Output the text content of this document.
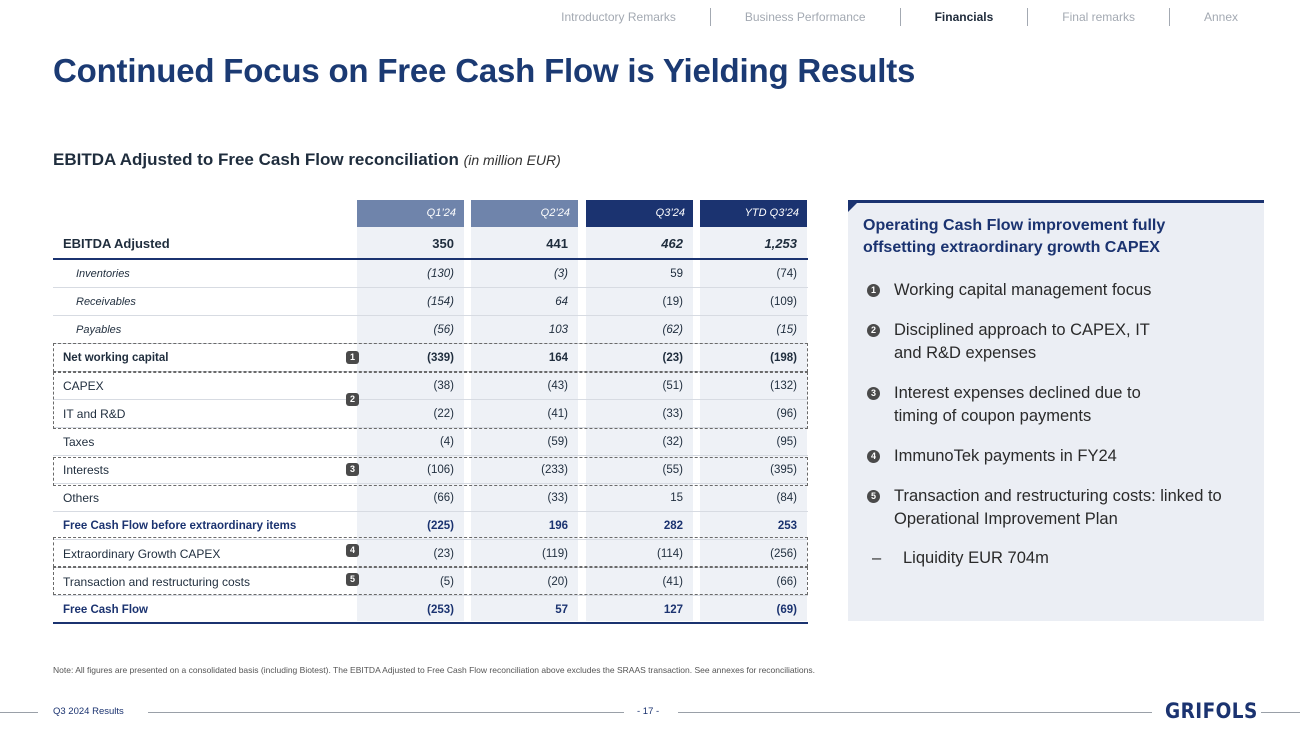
Introductory Remarks	Business Performance	Financials	Final remarks	Annex
Continued Focus on Free Cash Flow is Yielding Results
EBITDA Adjusted to Free Cash Flow reconciliation (in million EUR)
Q1’24	Q2’24	Q3’24	YTD Q3’24
EBITDA Adjusted	350	441	462	1,253
Inventories	(130)	(3)	59	(74)
Receivables	(154)	64	(19)	(109)
Payables	(56)	103	(62)	(15)
Net working capital	(339)	164	(23)	(198)
CAPEX	(38)	(43)	(51)	(132)
IT and R&D	(22)	(41)	(33)	(96)
Taxes	(4)	(59)	(32)	(95)
Interests	(106)	(233)	(55)	(395)
Others	(66)	(33)	15	(84)
Free Cash Flow before extraordinary items	(225)	196	282	253
Extraordinary Growth CAPEX	(23)	(119)	(114)	(256)
Transaction and restructuring costs	(5)	(20)	(41)	(66)
Free Cash Flow	(253)	57	127	(69)
1
2
3
4
5
Operating Cash Flow improvement fully offsetting extraordinary growth CAPEX
1	Working capital management focus
2	Disciplined approach to CAPEX, IT and R&D expenses
3	Interest expenses declined due to timing of coupon payments
4	ImmunoTek payments in FY24
5	Transaction and restructuring costs: linked to Operational Improvement Plan
– Liquidity EUR 704m
Note: All figures are presented on a consolidated basis (including Biotest). The EBITDA Adjusted to Free Cash Flow reconciliation above excludes the SRAAS transaction. See annexes for reconciliations.
Q3 2024 Results	- 17 -	GRIFOLS
